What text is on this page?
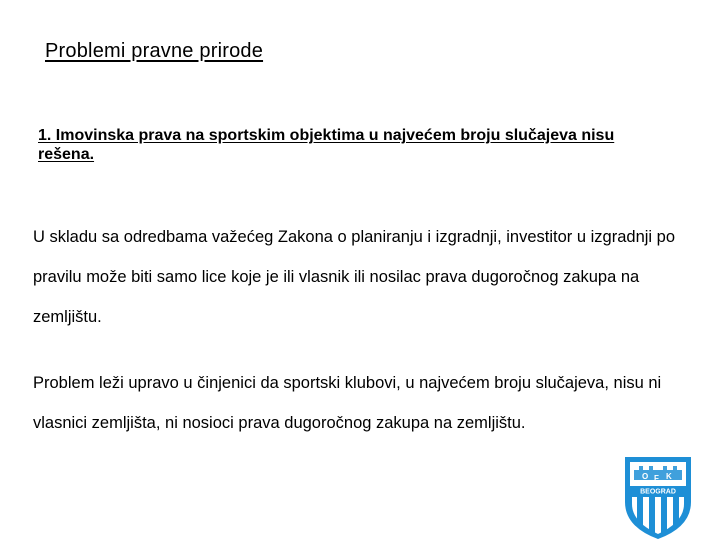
Problemi pravne prirode
1. Imovinska prava na sportskim objektima u najvećem broju slučajeva nisu rešena.
U skladu sa odredbama važećeg Zakona o planiranju i izgradnji, investitor u izgradnji po pravilu može biti samo lice koje je ili vlasnik ili nosilac prava dugoročnog zakupa na zemljištu.
Problem leži upravo u činjenici da sportski klubovi, u najvećem broju slučajeva, nisu ni vlasnici zemljišta, ni nosioci prava dugoročnog zakupa na zemljištu.
O F K
BEOGRAD
